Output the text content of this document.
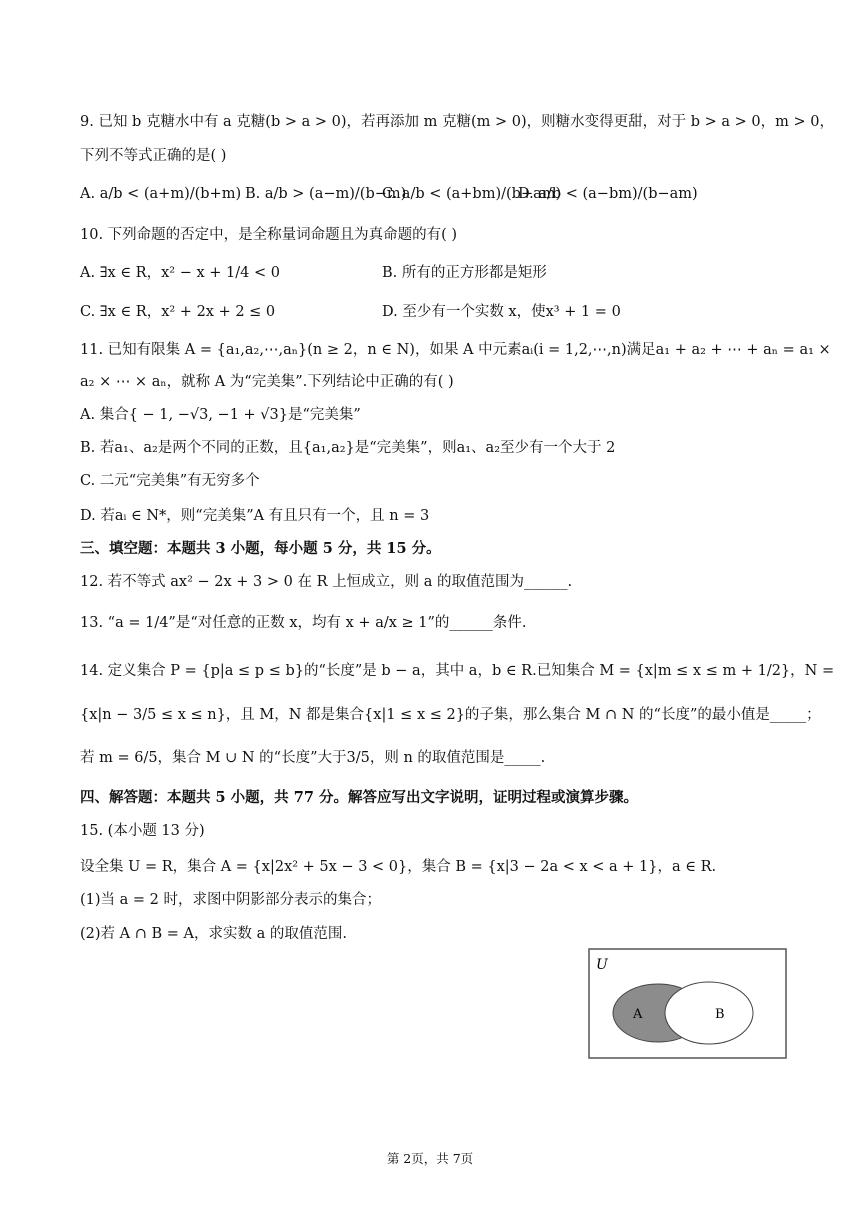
9. 已知 b 克糖水中有 a 克糖(b > a > 0)，若再添加 m 克糖(m > 0)，则糖水变得更甜，对于 b > a > 0，m > 0，
下列不等式正确的是( )
A. a/b < (a+m)/(b+m) B. a/b > (a−m)/(b−m)
C. a/b < (a+bm)/(b+am)
D. a/b < (a−bm)/(b−am)
10. 下列命题的否定中，是全称量词命题且为真命题的有( )
A. ∃x ∈ R，x² − x + 1/4 < 0	B. 所有的正方形都是矩形
C. ∃x ∈ R，x² + 2x + 2 ≤ 0	D. 至少有一个实数 x，使x³ + 1 = 0
11. 已知有限集 A = {a₁,a₂,⋯,aₙ}(n ≥ 2，n ∈ N)，如果 A 中元素aᵢ(i = 1,2,⋯,n)满足a₁ + a₂ + ⋯ + aₙ = a₁ ×
a₂ × ⋯ × aₙ，就称 A 为“完美集”.下列结论中正确的有( )
A. 集合{ − 1, −√3, −1 + √3}是“完美集”
B. 若a₁、a₂是两个不同的正数，且{a₁,a₂}是“完美集”，则a₁、a₂至少有一个大于 2
C. 二元“完美集”有无穷多个
D. 若aᵢ ∈ N*，则“完美集”A 有且只有一个，且 n = 3
三、填空题：本题共 3 小题，每小题 5 分，共 15 分。
12. 若不等式 ax² − 2x + 3 > 0 在 R 上恒成立，则 a 的取值范围为______.
13. “a = 1/4”是“对任意的正数 x，均有 x + a/x ≥ 1”的______条件.
14. 定义集合 P = {p|a ≤ p ≤ b}的“长度”是 b − a，其中 a，b ∈ R.已知集合 M = {x|m ≤ x ≤ m + 1/2}，N =
{x|n − 3/5 ≤ x ≤ n}，且 M，N 都是集合{x|1 ≤ x ≤ 2}的子集，那么集合 M ∩ N 的“长度”的最小值是_____；
若 m = 6/5，集合 M ∪ N 的“长度”大于3/5，则 n 的取值范围是_____.
四、解答题：本题共 5 小题，共 77 分。解答应写出文字说明，证明过程或演算步骤。
15. (本小题 13 分)
设全集 U = R，集合 A = {x|2x² + 5x − 3 < 0}，集合 B = {x|3 − 2a < x < a + 1}，a ∈ R.
(1)当 a = 2 时，求图中阴影部分表示的集合；
(2)若 A ∩ B = A，求实数 a 的取值范围.
U
A	B
第 2页，共 7页
